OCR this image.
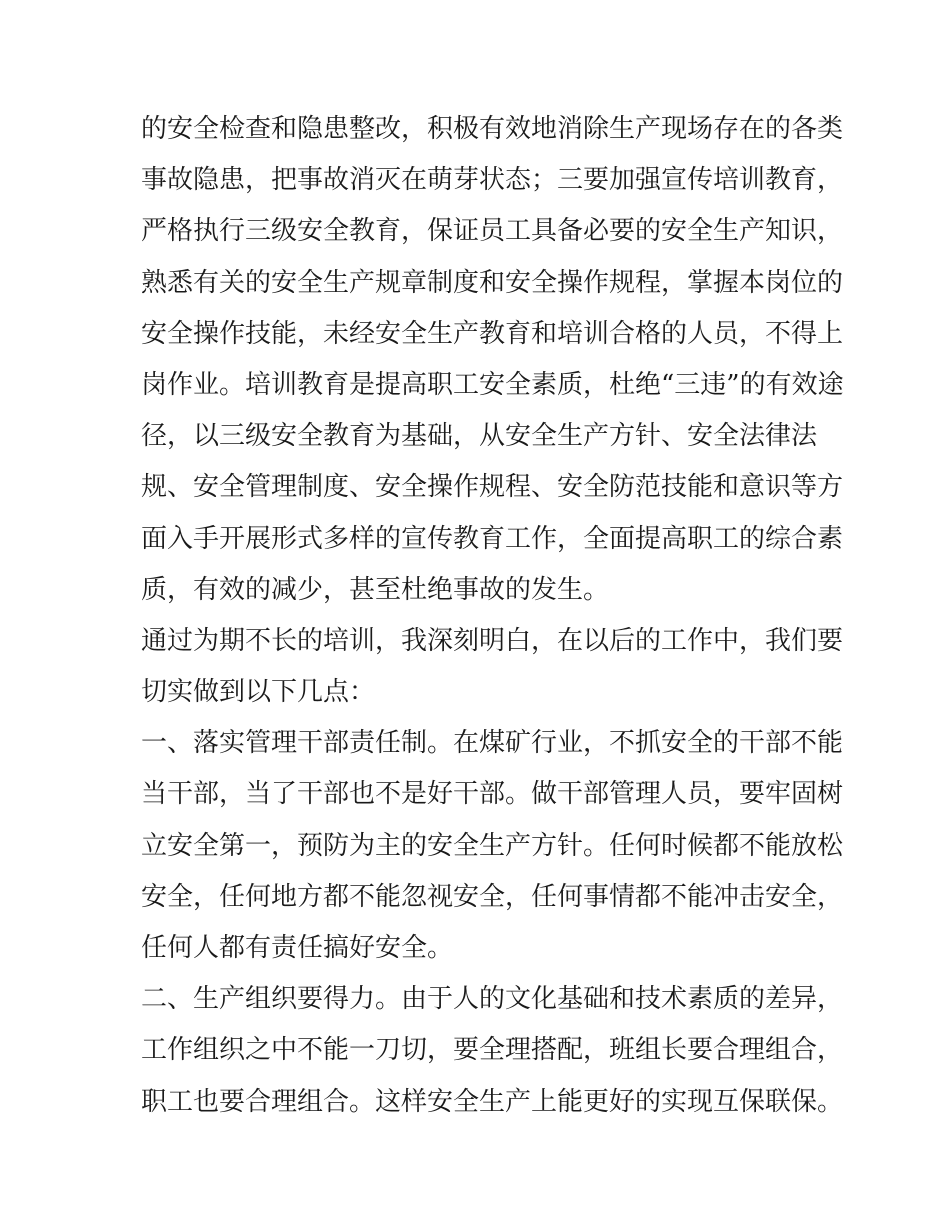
的安全检查和隐患整改，积极有效地消除生产现场存在的各类
事故隐患，把事故消灭在萌芽状态；三要加强宣传培训教育，
严格执行三级安全教育，保证员工具备必要的安全生产知识，
熟悉有关的安全生产规章制度和安全操作规程，掌握本岗位的
安全操作技能，未经安全生产教育和培训合格的人员，不得上
岗作业。培训教育是提高职工安全素质，杜绝“三违”的有效途
径，以三级安全教育为基础，从安全生产方针、安全法律法
规、安全管理制度、安全操作规程、安全防范技能和意识等方
面入手开展形式多样的宣传教育工作，全面提高职工的综合素
质，有效的减少，甚至杜绝事故的发生。
通过为期不长的培训，我深刻明白，在以后的工作中，我们要
切实做到以下几点：
一、落实管理干部责任制。在煤矿行业，不抓安全的干部不能
当干部，当了干部也不是好干部。做干部管理人员，要牢固树
立安全第一，预防为主的安全生产方针。任何时候都不能放松
安全，任何地方都不能忽视安全，任何事情都不能冲击安全，
任何人都有责任搞好安全。
二、生产组织要得力。由于人的文化基础和技术素质的差异，
工作组织之中不能一刀切，要全理搭配，班组长要合理组合，
职工也要合理组合。这样安全生产上能更好的实现互保联保。
